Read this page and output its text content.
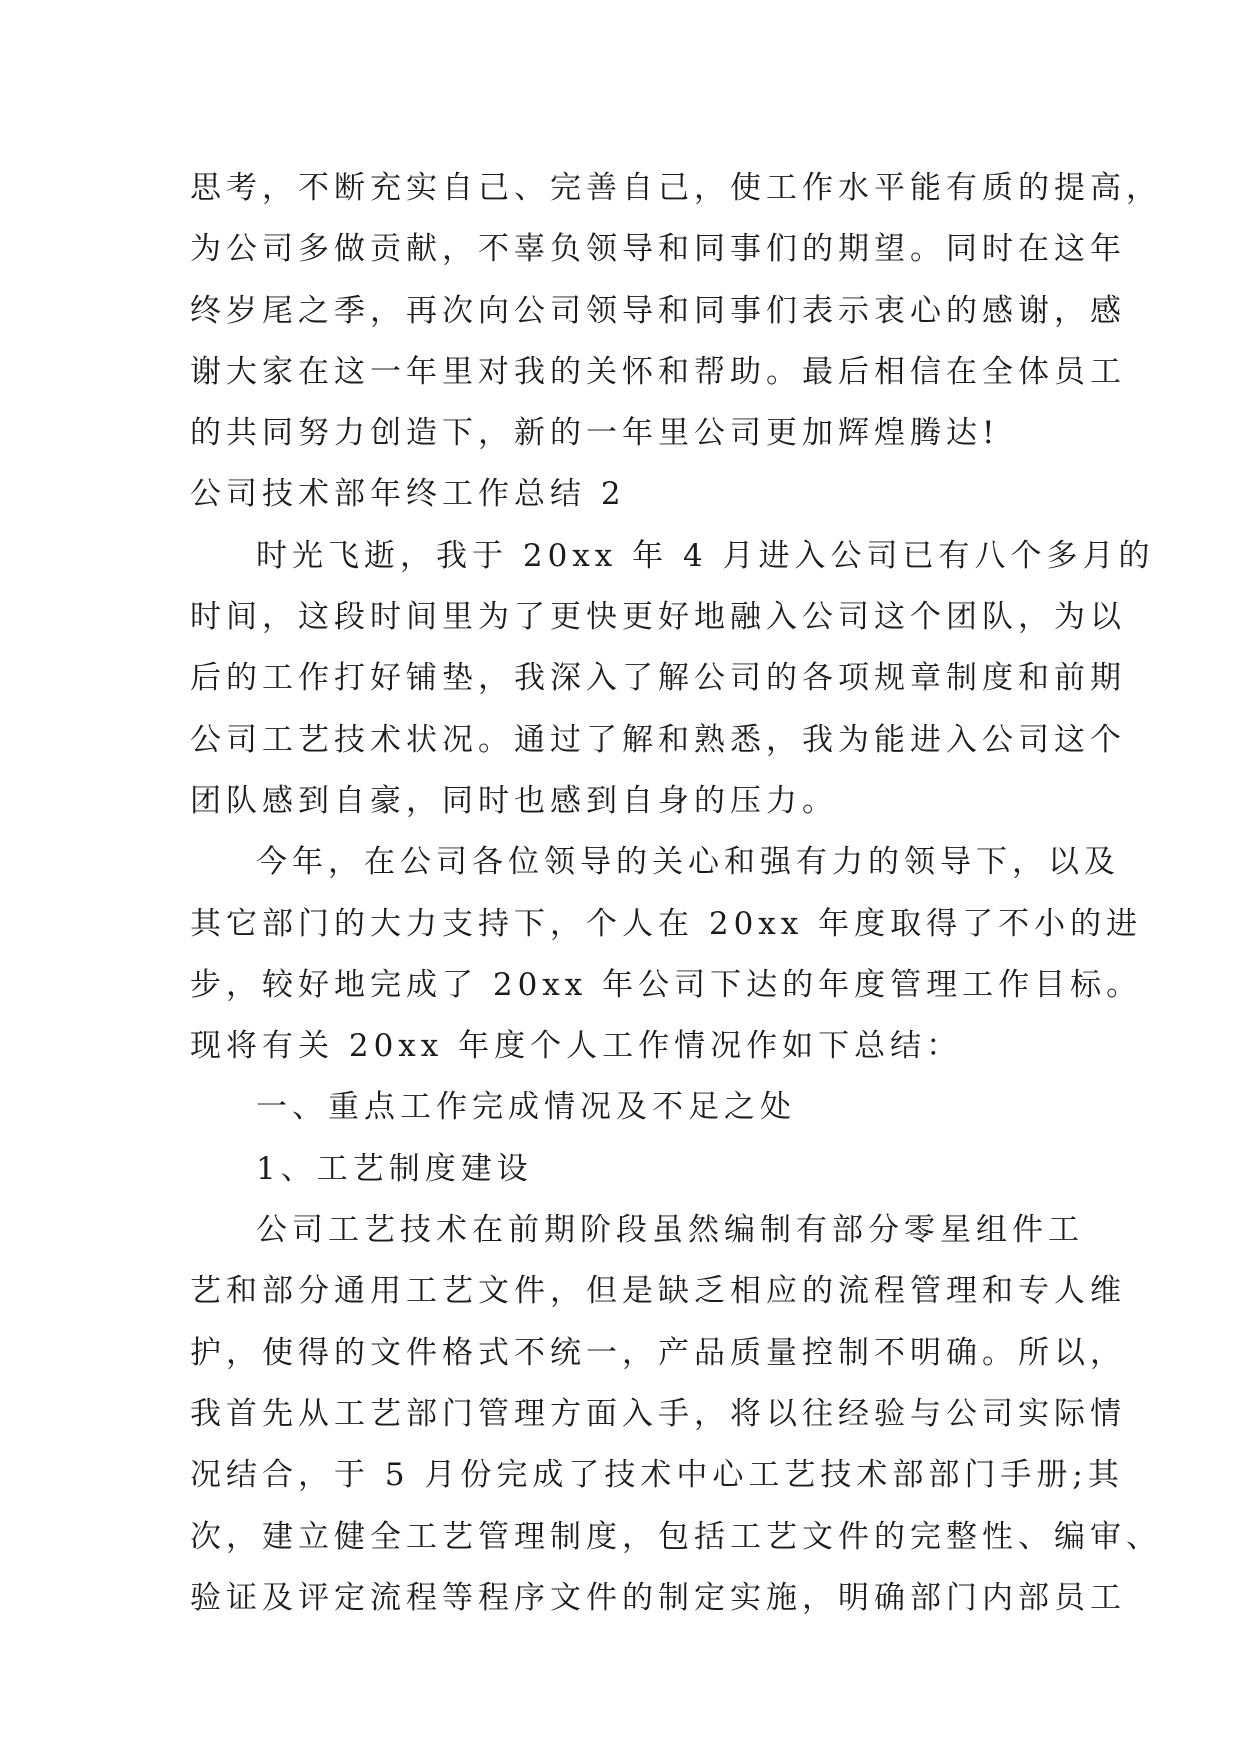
思考，不断充实自己、完善自己，使工作水平能有质的提高，
为公司多做贡献，不辜负领导和同事们的期望。同时在这年
终岁尾之季，再次向公司领导和同事们表示衷心的感谢，感
谢大家在这一年里对我的关怀和帮助。最后相信在全体员工
的共同努力创造下，新的一年里公司更加辉煌腾达!
公司技术部年终工作总结 2
时光飞逝，我于 20xx 年 4 月进入公司已有八个多月的
时间，这段时间里为了更快更好地融入公司这个团队，为以
后的工作打好铺垫，我深入了解公司的各项规章制度和前期
公司工艺技术状况。通过了解和熟悉，我为能进入公司这个
团队感到自豪，同时也感到自身的压力。
今年，在公司各位领导的关心和强有力的领导下，以及
其它部门的大力支持下，个人在 20xx 年度取得了不小的进
步，较好地完成了 20xx 年公司下达的年度管理工作目标。
现将有关 20xx 年度个人工作情况作如下总结：
一、重点工作完成情况及不足之处
1、工艺制度建设
公司工艺技术在前期阶段虽然编制有部分零星组件工
艺和部分通用工艺文件，但是缺乏相应的流程管理和专人维
护，使得的文件格式不统一，产品质量控制不明确。所以，
我首先从工艺部门管理方面入手，将以往经验与公司实际情
况结合，于 5 月份完成了技术中心工艺技术部部门手册;其
次，建立健全工艺管理制度，包括工艺文件的完整性、编审、
验证及评定流程等程序文件的制定实施，明确部门内部员工
